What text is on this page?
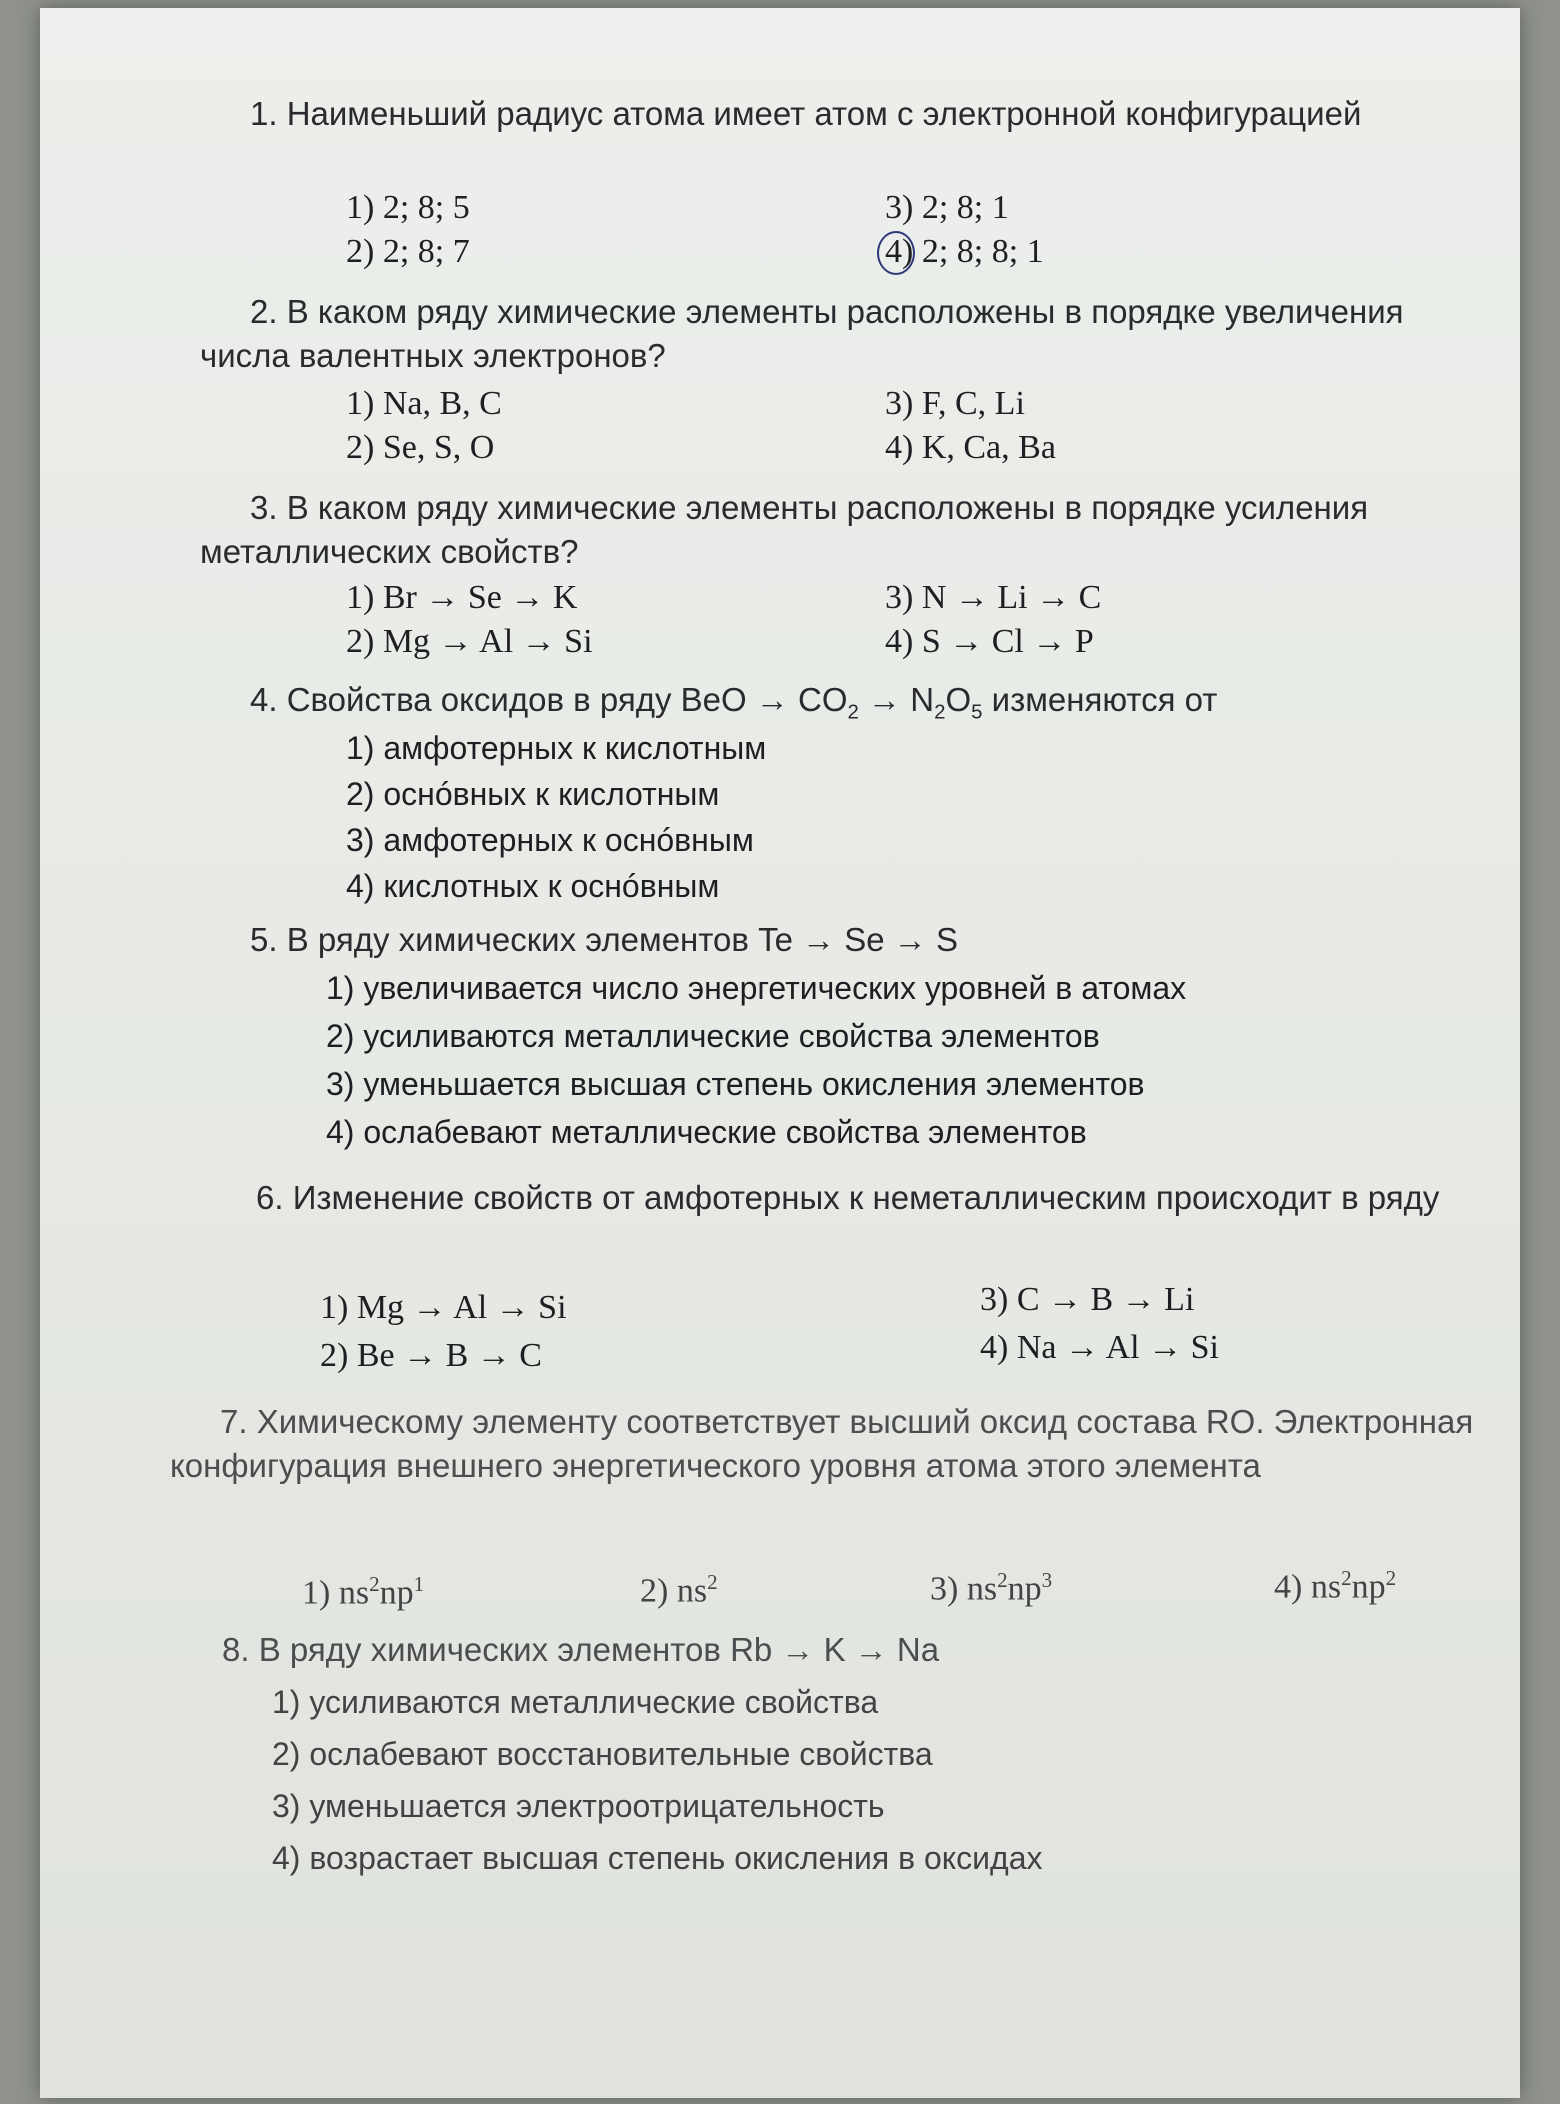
1. Наименьший радиус атома имеет атом с электронной конфигурацией
1) 2; 8; 5
2) 2; 8; 7
3) 2; 8; 1
4) 2; 8; 8; 1
2. В каком ряду химические элементы расположены в порядке увеличения числа валентных электронов?
1) Na, B, C
2) Se, S, O
3) F, C, Li
4) K, Ca, Ba
3. В каком ряду химические элементы расположены в порядке усиления металлических свойств?
1) Br → Se → K
2) Mg → Al → Si
3) N → Li → C
4) S → Cl → P
4. Свойства оксидов в ряду BeO → $CO_2 \to N_2O_5$ изменяются от
1) амфотерных к кислотным
2) оснóвных к кислотным
3) амфотерных к оснóвным
4) кислотных к оснóвным
5. В ряду химических элементов Te → Se → S
1) увеличивается число энергетических уровней в атомах
2) усиливаются металлические свойства элементов
3) уменьшается высшая степень окисления элементов
4) ослабевают металлические свойства элементов
6. Изменение свойств от амфотерных к неметаллическим происходит в ряду
1) Mg → Al → Si
2) Be → B → C
3) C → B → Li
4) Na → Al → Si
7. Химическому элементу соответствует высший оксид состава RO. Электронная конфигурация внешнего энергетического уровня атома этого элемента
1) $ns^2np^1$	2) $ns^2$	3) $ns^2np^3$	4) $ns^2np^2$
8. В ряду химических элементов Rb → K → Na
1) усиливаются металлические свойства
2) ослабевают восстановительные свойства
3) уменьшается электроотрицательность
4) возрастает высшая степень окисления в оксидах
